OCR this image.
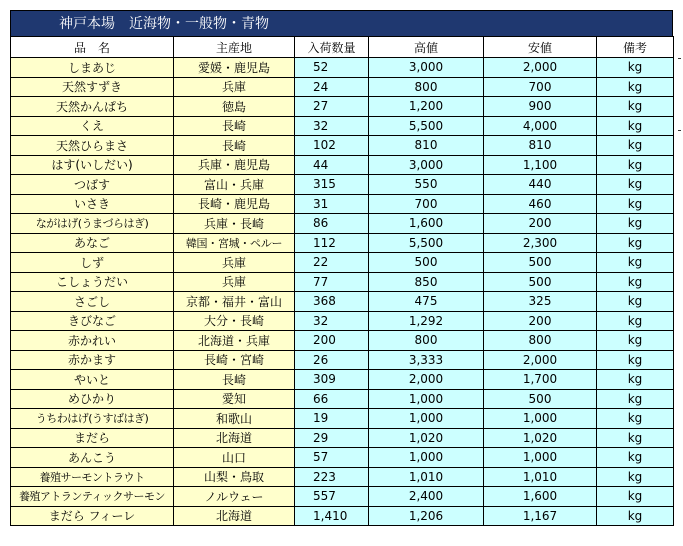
神戸本場　近海物・一般物・青物
品　名	主産地	入荷数量	高値	安値	備考
しまあじ	愛媛・鹿児島	52	3,000	2,000	kg
天然すずき	兵庫	24	800	700	kg
天然かんぱち	徳島	27	1,200	900	kg
くえ	長崎	32	5,500	4,000	kg
天然ひらまさ	長崎	102	810	810	kg
はす(いしだい)	兵庫・鹿児島	44	3,000	1,100	kg
つばす	富山・兵庫	315	550	440	kg
いさき	長崎・鹿児島	31	700	460	kg
ながはげ(うまづらはぎ)	兵庫・長崎	86	1,600	200	kg
あなご	韓国・宮城・ペルー	112	5,500	2,300	kg
しず	兵庫	22	500	500	kg
こしょうだい	兵庫	77	850	500	kg
さごし	京都・福井・富山	368	475	325	kg
きびなご	大分・長崎	32	1,292	200	kg
赤かれい	北海道・兵庫	200	800	800	kg
赤かます	長崎・宮崎	26	3,333	2,000	kg
やいと	長崎	309	2,000	1,700	kg
めひかり	愛知	66	1,000	500	kg
うちわはげ(うすばはぎ)	和歌山	19	1,000	1,000	kg
まだら	北海道	29	1,020	1,020	kg
あんこう	山口	57	1,000	1,000	kg
養殖サーモントラウト	山梨・鳥取	223	1,010	1,010	kg
養殖アトランティックサーモン	ノルウェー	557	2,400	1,600	kg
まだら フィーレ	北海道	1,410	1,206	1,167	kg
